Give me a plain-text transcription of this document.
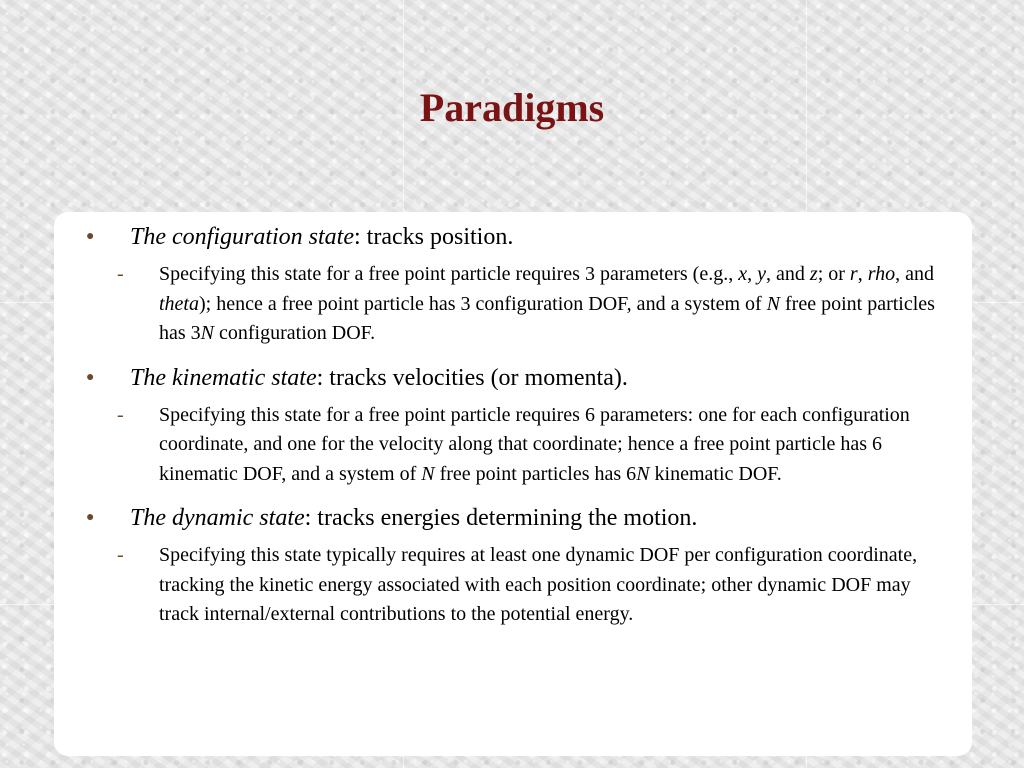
Paradigms
● The configuration state: tracks position.
- Specifying this state for a free point particle requires 3 parameters (e.g., x, y, and z; or r, rho, and theta); hence a free point particle has 3 configuration DOF, and a system of N free point particles has 3N configuration DOF.
● The kinematic state: tracks velocities (or momenta).
- Specifying this state for a free point particle requires 6 parameters: one for each configuration coordinate, and one for the velocity along that coordinate; hence a free point particle has 6 kinematic DOF, and a system of N free point particles has 6N kinematic DOF.
● The dynamic state: tracks energies determining the motion.
- Specifying this state typically requires at least one dynamic DOF per configuration coordinate, tracking the kinetic energy associated with each position coordinate; other dynamic DOF may track internal/external contributions to the potential energy.
